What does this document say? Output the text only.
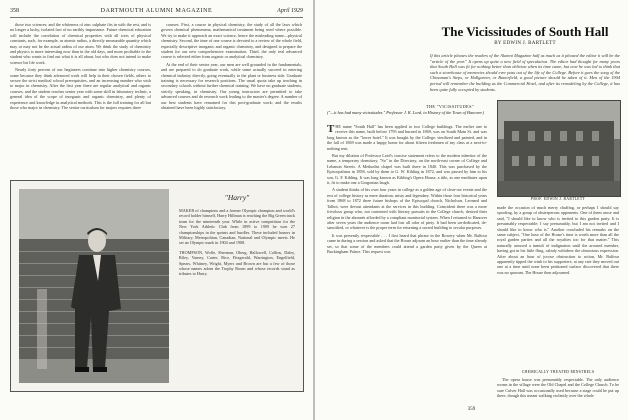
358	DARTMOUTH ALUMNI MAGAZINE	April 1929

those two sciences; and the whiteness of zinc sulphate fits in with the rest, and is no longer a lucky, isolated fact of no earthly importance. Future chemical education will include the correlation of chemical properties with all sorts of physical constants, such, for example, as atomic radius, a directly measurable quantity which may or may not be the actual radius of our atom. We think the study of chemistry and physics is more interesting now than in the old days, and more profitable to the student who wants to find out what it is all about, but who does not intend to make science his life work.

Nearly forty percent of our beginners continue into higher chemistry courses, some because they think advanced work will help in their chosen fields, others to secure the strict medical school prerequisites, and an increasing number who wish to major in chemistry. After the first year there are regular analytical and organic courses, and the student reaches senior year with some skill in laboratory technic, a general idea of the scope of inorganic and organic chemistry, and plenty of experience and knowledge in analytical methods. This is the full training for all but those who major in chemistry. The senior curriculum for majors requires three

courses. First, a course in physical chemistry, the study of all the laws which govern chemical phenomena, mathematical treatment being used where possible. We try to make it approach an exact science, hence the misleading name—physical chemistry. Second, the time of one course is devoted to a review of the whole field, especially descriptive inorganic and organic chemistry, and designed to prepare the student for our new comprehensive examination. Third, the only real advanced course is selected either from organic or analytical chemistry.

At the end of their senior year, our men are well grounded in the fundamentals, and are prepared to do graduate work, while some actually succeed in entering chemical industry directly, going eventually to the plant or business side. Graduate training is necessary for research positions. The usual quota take up teaching in secondary schools without further chemical training. We have no graduate students, strictly speaking, in chemistry. Our young instructors are permitted to take advanced courses and do research work leading to the master's degree. A number of our best students have remained for this post-graduate work; and the results obtained have been highly satisfactory.

"Harry"

MAKER of champions and a former Olympic champion and world's record holder himself, Harry Hillman is reaching the Big Green track team for the nineteenth year. While in active competition for the New York Athletic Club from 1899 to 1909 he won 27 championships in the sprints and hurdles. These included honors in Military, Metropolitan, Canadian, National and Olympic meets. He set an Olympic mark in 1904 and 1908.

THOMPSON, Wolfe, Sherman, Oberg, Hallowell, Collins, Daley, Riley, Varney, Carter, Rice, Fitzgerald, Warrington, Engelfield, Spears, Whitney, Wright, Myers and Brown are but a few of those whose names adorn the Trophy Room and whose records stand as tributes to Harry.

The Vicissitudes of South Hall
BY EDWIN J. BARTLETT
If this article pleases the readers of the Alumni Magazine half as much as it pleased the editor it will be the "article of the year." It opens up quite a new field of speculation. The editor had thought for many years that South Hall was fit for nothing better than oblivion when its time came, but now he was led to think that such a storehouse of memories should ever pass out of the life of the College. Before it goes the song of the Chinaman's Steps, or Hallgarten, or Butterfield, a good picture should be taken of it. Men of the 1904 period will remember the building as the Commercial Hotel, and after its remodeling by the College, it has been quite fully occupied by students.
THE "VICISSITUDES"
("—it has had many vicissitudes." Professor J. K. Lord, in History of the Town of Hanover.)

THE name "South Hall" has been applied to two College buildings. The earlier one to receive this name, built before 1795 and burned in 1869, was on South Main St. and was long known as the "lower hotel." It was bought by the College, sterilized and painted, and in the fall of 1869 was made a happy home for about fifteen freshmen of my class at a next-to-nothing rent.

But my dilution of Professor Lord's concise statement refers to the modern inheritor of the name, a temporary dormitory, "So" in the Directory, on the north-east corner of College and Lebanon Streets. A Methodist chapel was built there in 1840. This was purchased by the Episcopalians in 1858, sold by them to G. W. Kibling in 1872, and was passed by him to his son, G. F. Kibling. It was long known as Kibling's Opera House, a title, as one meditates upon it, fit to make one a Gorgonian laugh.

A student thinks of his own four years in college as a golden age of clear-cut events and the rest of college history as mere duration, misty and legendary. Within those four historical years from 1868 to 1872 three future bishops of the Episcopal church, Nicholson, Leonard and Talbot, were devout attendants at the services in this building. Coincident there was a more frivolous group who, not contented with literary pursuits in the College church, desired their religion in the abonnés afforded by a compliant monitorial system. When I returned to Hanover after seven years the audience room had lost all odor of piety. It had been un-dedicated, de-sanctified, or whatever is the proper term for returning a sacred building to secular purposes.

It was presently respectable . . . I first heard that phrase in the Bowery when Mr. Balfour came in during a session and asked that the House adjourn an hour earlier than the time already set, so that some of the members could attend a garden party given by the Queen at Buckingham Palace. This request was

PROF. EDWIN J. BARTLETT

made the occasion of much merry chaffing, or perhaps I should say spoofing, by a group of obstreperous opponents. One of them arose and said, "I should like to know who is invited to this garden party. It is presumably respectable; I say presumably, but I am not invited and I should like to know who is." Another concluded his remarks on the same subject, "One hour of the House's time is worth more than all the royal garden parties and all the royalties too for that matter." This naturally aroused a tumult of indignation until the aroused member, having got in his little fling, calmly withdrew the obnoxious expression. After about an hour of jocose obstruction to action, Mr. Balfour apparently tipped the wink to his supporters; at any rate they moved out one at a time until none been petitioned surface discovered that there was no quorum. The House then adjourned.

CHEMICALLY TREATED MINSTRELS

The opera house was presumably respectable. The only audience rooms in the village were the Old Chapel and the College Church. To be sure Culver Hall was occasionally used because a stage could be put up there, though this meant walking violently over the whole

359
